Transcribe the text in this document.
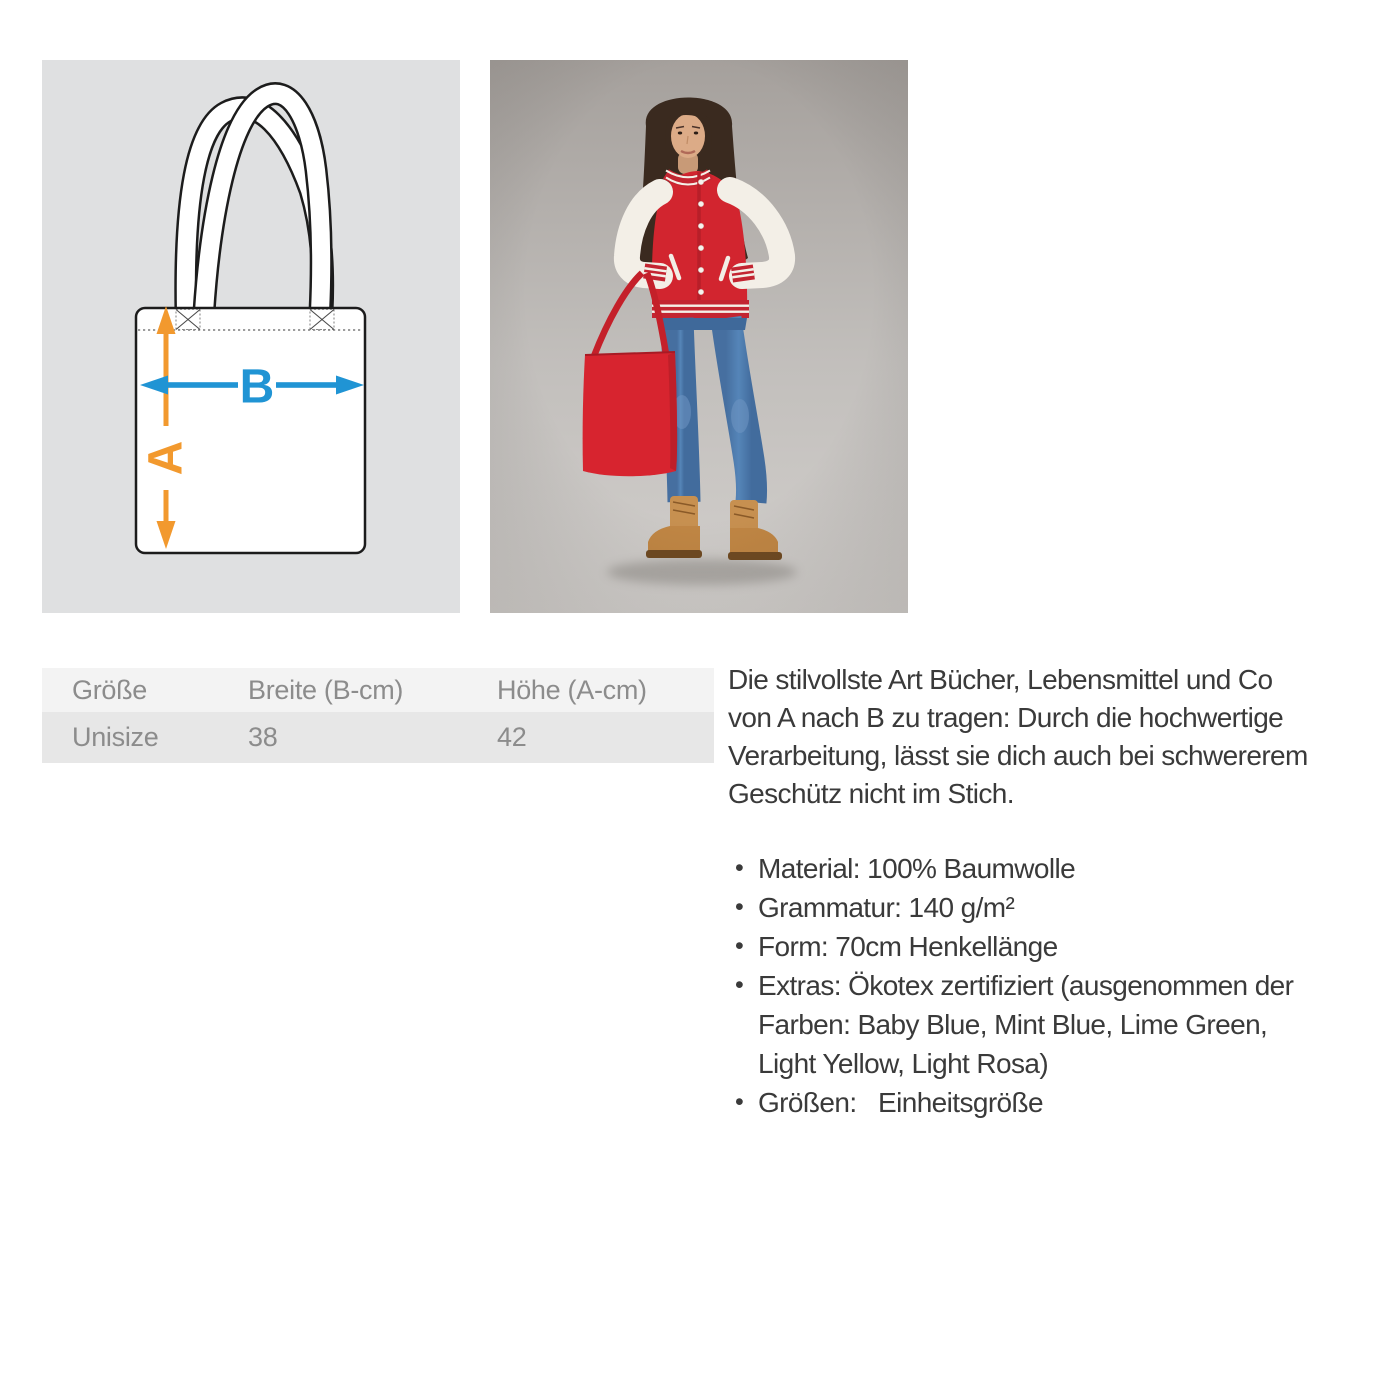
A
B
Größe	Breite (B-cm)	Höhe (A-cm)
Unisize	38	42
Die stilvollste Art Bücher, Lebensmittel und Co
von A nach B zu tragen: Durch die hochwertige
Verarbeitung, lässt sie dich auch bei schwererem
Geschütz nicht im Stich.
• Material: 100% Baumwolle
• Grammatur: 140 g/m²
• Form: 70cm Henkellänge
• Extras: Ökotex zertifiziert (ausgenommen der
Farben: Baby Blue, Mint Blue, Lime Green,
Light Yellow, Light Rosa)
• Größen:   Einheitsgröße
